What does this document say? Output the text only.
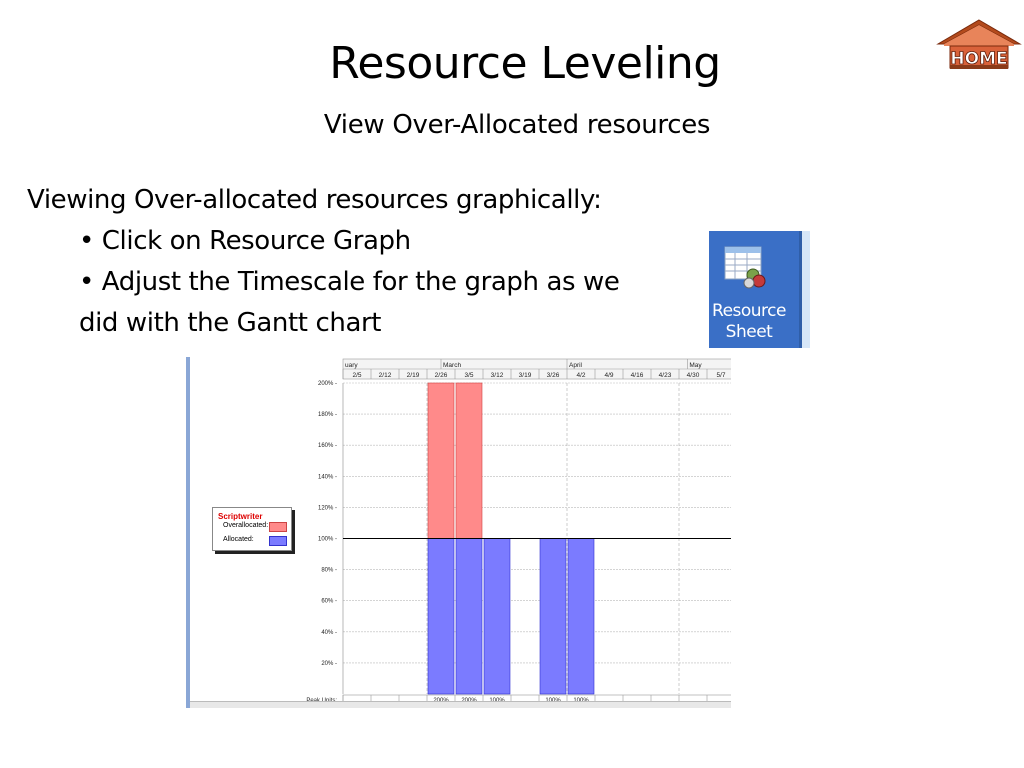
Resource Leveling
View Over-Allocated resources
Viewing Over-allocated resources graphically:
• Click on Resource Graph
• Adjust the Timescale for the graph as we
did with the Gantt chart
HOME
Resource
Sheet
uary	March	April	May
2/5	2/12 2/19 2/26	3/5	3/12 3/19 3/26	4/2	4/9	4/16 4/23 4/30	5/7
200% -
180% -
160% -
140% -
120% -
100% -
80% -
60% -
40% -
20% -
Scriptwriter
Overallocated:
Allocated:
